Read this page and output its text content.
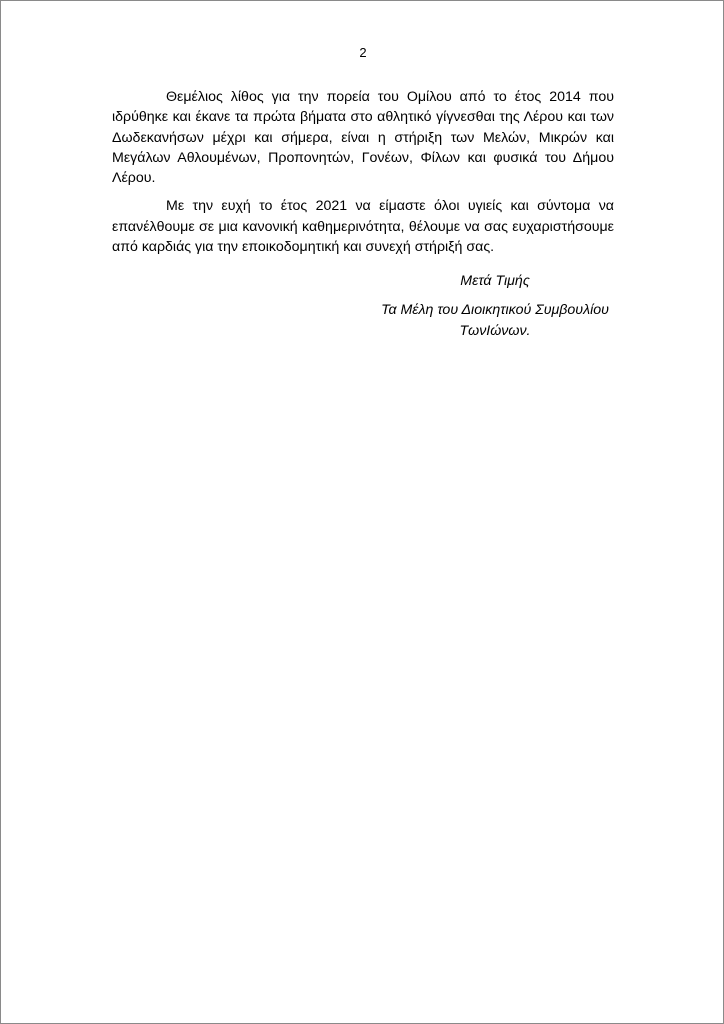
2

Θεμέλιος λίθος για την πορεία του Ομίλου από το έτος 2014 που ιδρύθηκε και έκανε τα πρώτα βήματα στο αθλητικό γίγνεσθαι της Λέρου και των Δωδεκανήσων μέχρι και σήμερα, είναι η στήριξη των Μελών, Μικρών και Μεγάλων Αθλουμένων, Προπονητών, Γονέων, Φίλων και φυσικά του Δήμου Λέρου.

Με την ευχή το έτος 2021 να είμαστε όλοι υγιείς και σύντομα να επανέλθουμε σε μια κανονική καθημερινότητα, θέλουμε να σας ευχαριστήσουμε από καρδιάς για την εποικοδομητική και συνεχή στήριξή σας.

Μετά Τιμής
Τα Μέλη του Διοικητικού Συμβουλίου ΤωνΙώνων.
